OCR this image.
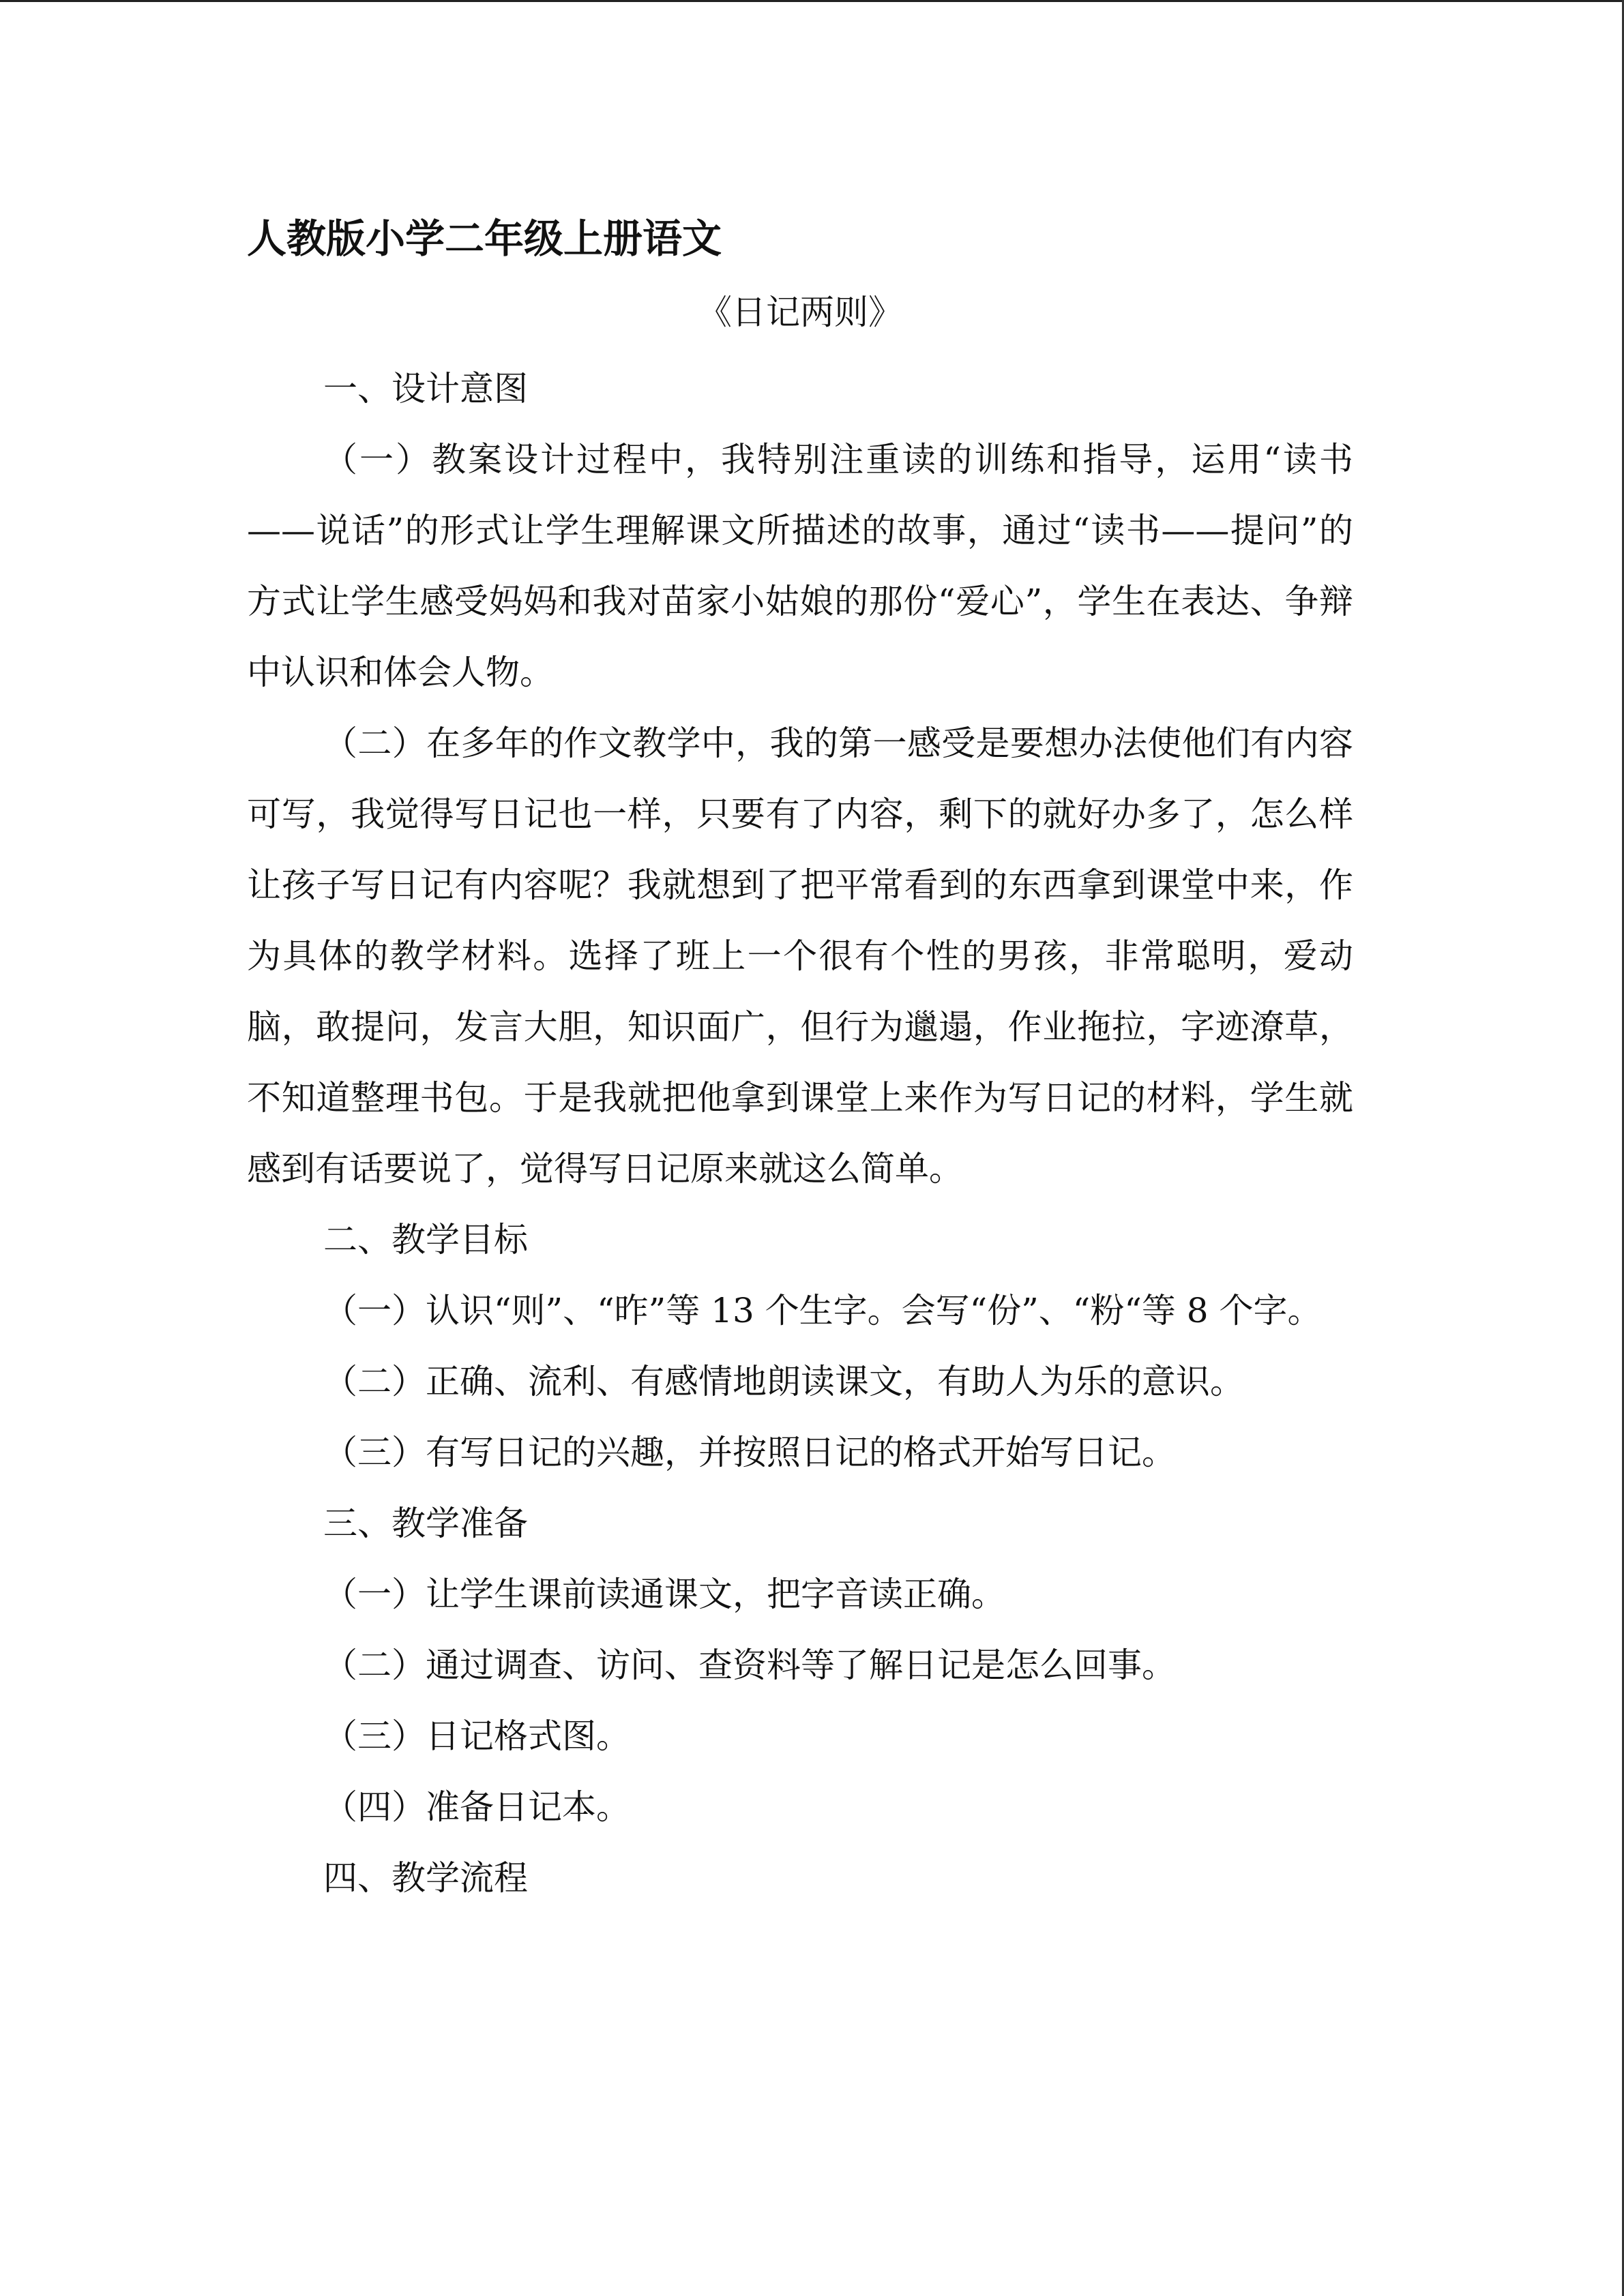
人教版小学二年级上册语文
《日记两则》

一、设计意图

（一）教案设计过程中，我特别注重读的训练和指导，运用“读书——说话”的形式让学生理解课文所描述的故事，通过“读书——提问”的方式让学生感受妈妈和我对苗家小姑娘的那份“爱心”，学生在表达、争辩中认识和体会人物。

（二）在多年的作文教学中，我的第一感受是要想办法使他们有内容可写，我觉得写日记也一样，只要有了内容，剩下的就好办多了，怎么样让孩子写日记有内容呢？我就想到了把平常看到的东西拿到课堂中来，作为具体的教学材料。选择了班上一个很有个性的男孩，非常聪明，爱动脑，敢提问，发言大胆，知识面广，但行为邋遢，作业拖拉，字迹潦草，不知道整理书包。于是我就把他拿到课堂上来作为写日记的材料，学生就感到有话要说了，觉得写日记原来就这么简单。

二、教学目标

（一）认识“则”、“昨”等 13 个生字。会写“份”、“粉“等 8 个字。

（二）正确、流利、有感情地朗读课文，有助人为乐的意识。

（三）有写日记的兴趣，并按照日记的格式开始写日记。

三、教学准备

（一）让学生课前读通课文，把字音读正确。

（二）通过调查、访问、查资料等了解日记是怎么回事。

（三）日记格式图。

（四）准备日记本。

四、教学流程
